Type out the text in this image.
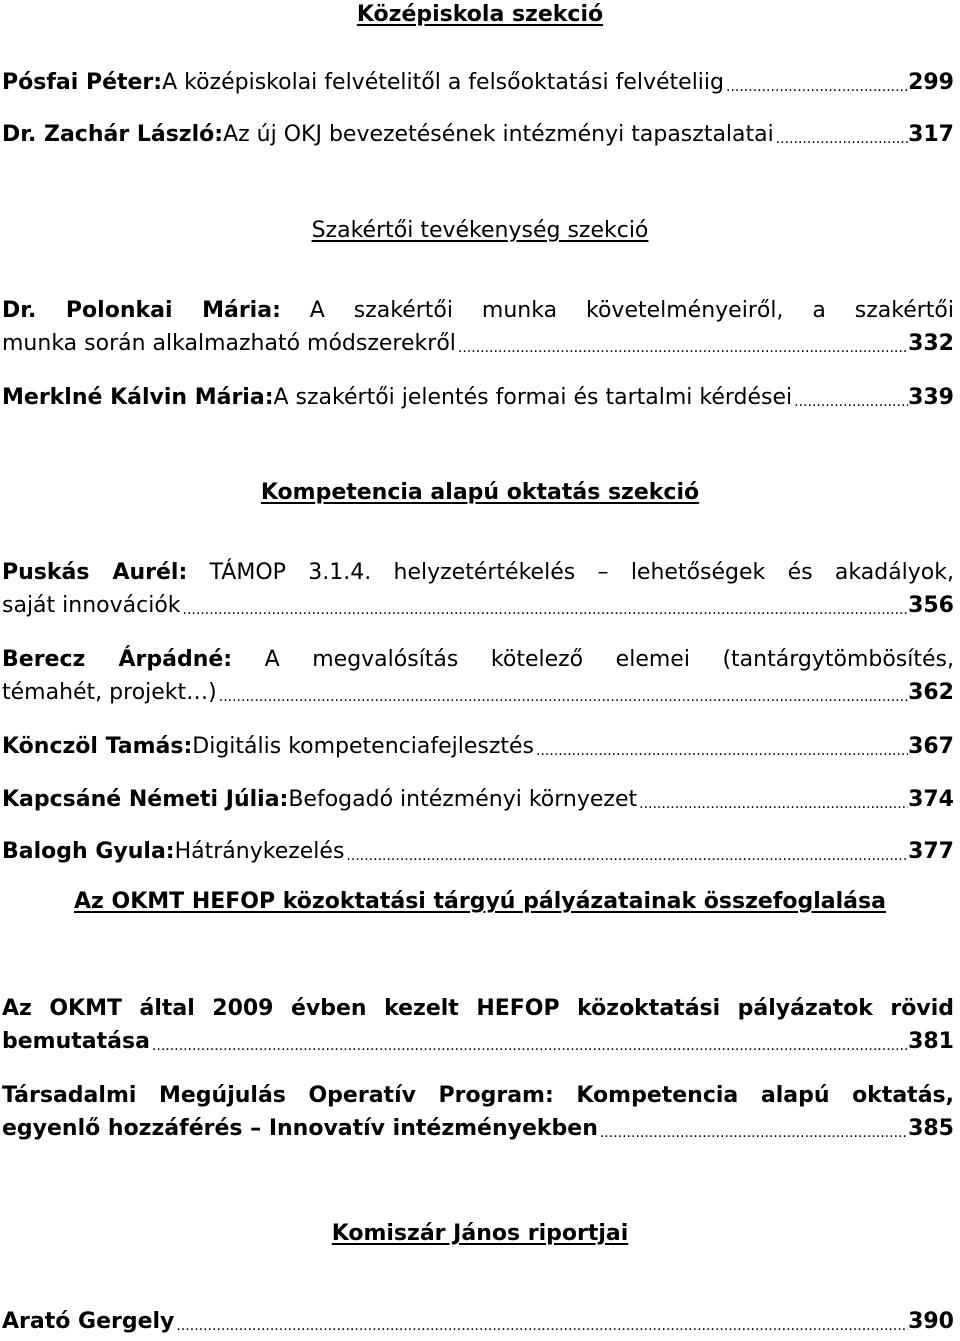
Középiskola szekció
Pósfai Péter: A középiskolai felvételitől a felsőoktatási felvételiig .....	299
Dr. Zachár László: Az új OKJ bevezetésének intézményi tapasztalatai .....	317
Szakértői tevékenység szekció
Dr. Polonkai Mária: A szakértői munka követelményeiről, a szakértői
munka során alkalmazható módszerekről .....	332
Merklné Kálvin Mária: A szakértői jelentés formai és tartalmi kérdései .....	339
Kompetencia alapú oktatás szekció
Puskás Aurél: TÁMOP 3.1.4. helyzetértékelés – lehetőségek és akadályok,
saját innovációk .....	356
Berecz Árpádné: A megvalósítás kötelező elemei (tantárgytömbösítés,
témahét, projekt…) .....	362
Könczöl Tamás: Digitális kompetenciafejlesztés .....	367
Kapcsáné Németi Júlia: Befogadó intézményi környezet .....	374
Balogh Gyula: Hátránykezelés .....	377
Az OKMT HEFOP közoktatási tárgyú pályázatainak összefoglalása
Az OKMT által 2009 évben kezelt HEFOP közoktatási pályázatok rövid
bemutatása .....	381
Társadalmi Megújulás Operatív Program: Kompetencia alapú oktatás,
egyenlő hozzáférés – Innovatív intézményekben .....	385
Komiszár János riportjai
Arató Gergely .....	390
